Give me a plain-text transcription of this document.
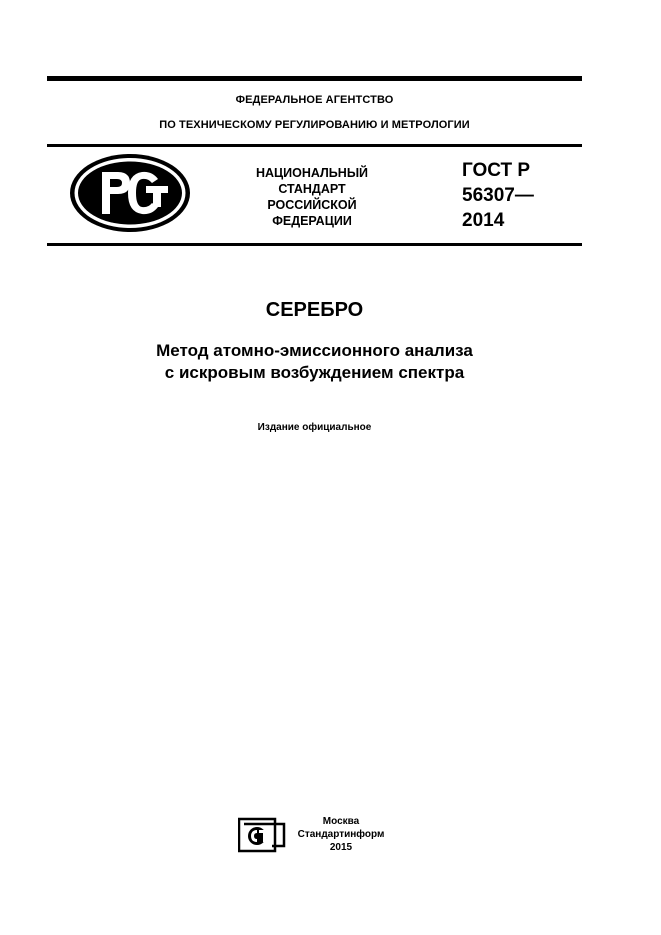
ФЕДЕРАЛЬНОЕ АГЕНТСТВО
ПО ТЕХНИЧЕСКОМУ РЕГУЛИРОВАНИЮ И МЕТРОЛОГИИ
НАЦИОНАЛЬНЫЙ
СТАНДАРТ
РОССИЙСКОЙ
ФЕДЕРАЦИИ
ГОСТ Р
56307—
2014
СЕРЕБРО
Метод атомно-эмиссионного анализа
с искровым возбуждением спектра
Издание официальное
Москва
Стандартинформ
2015
